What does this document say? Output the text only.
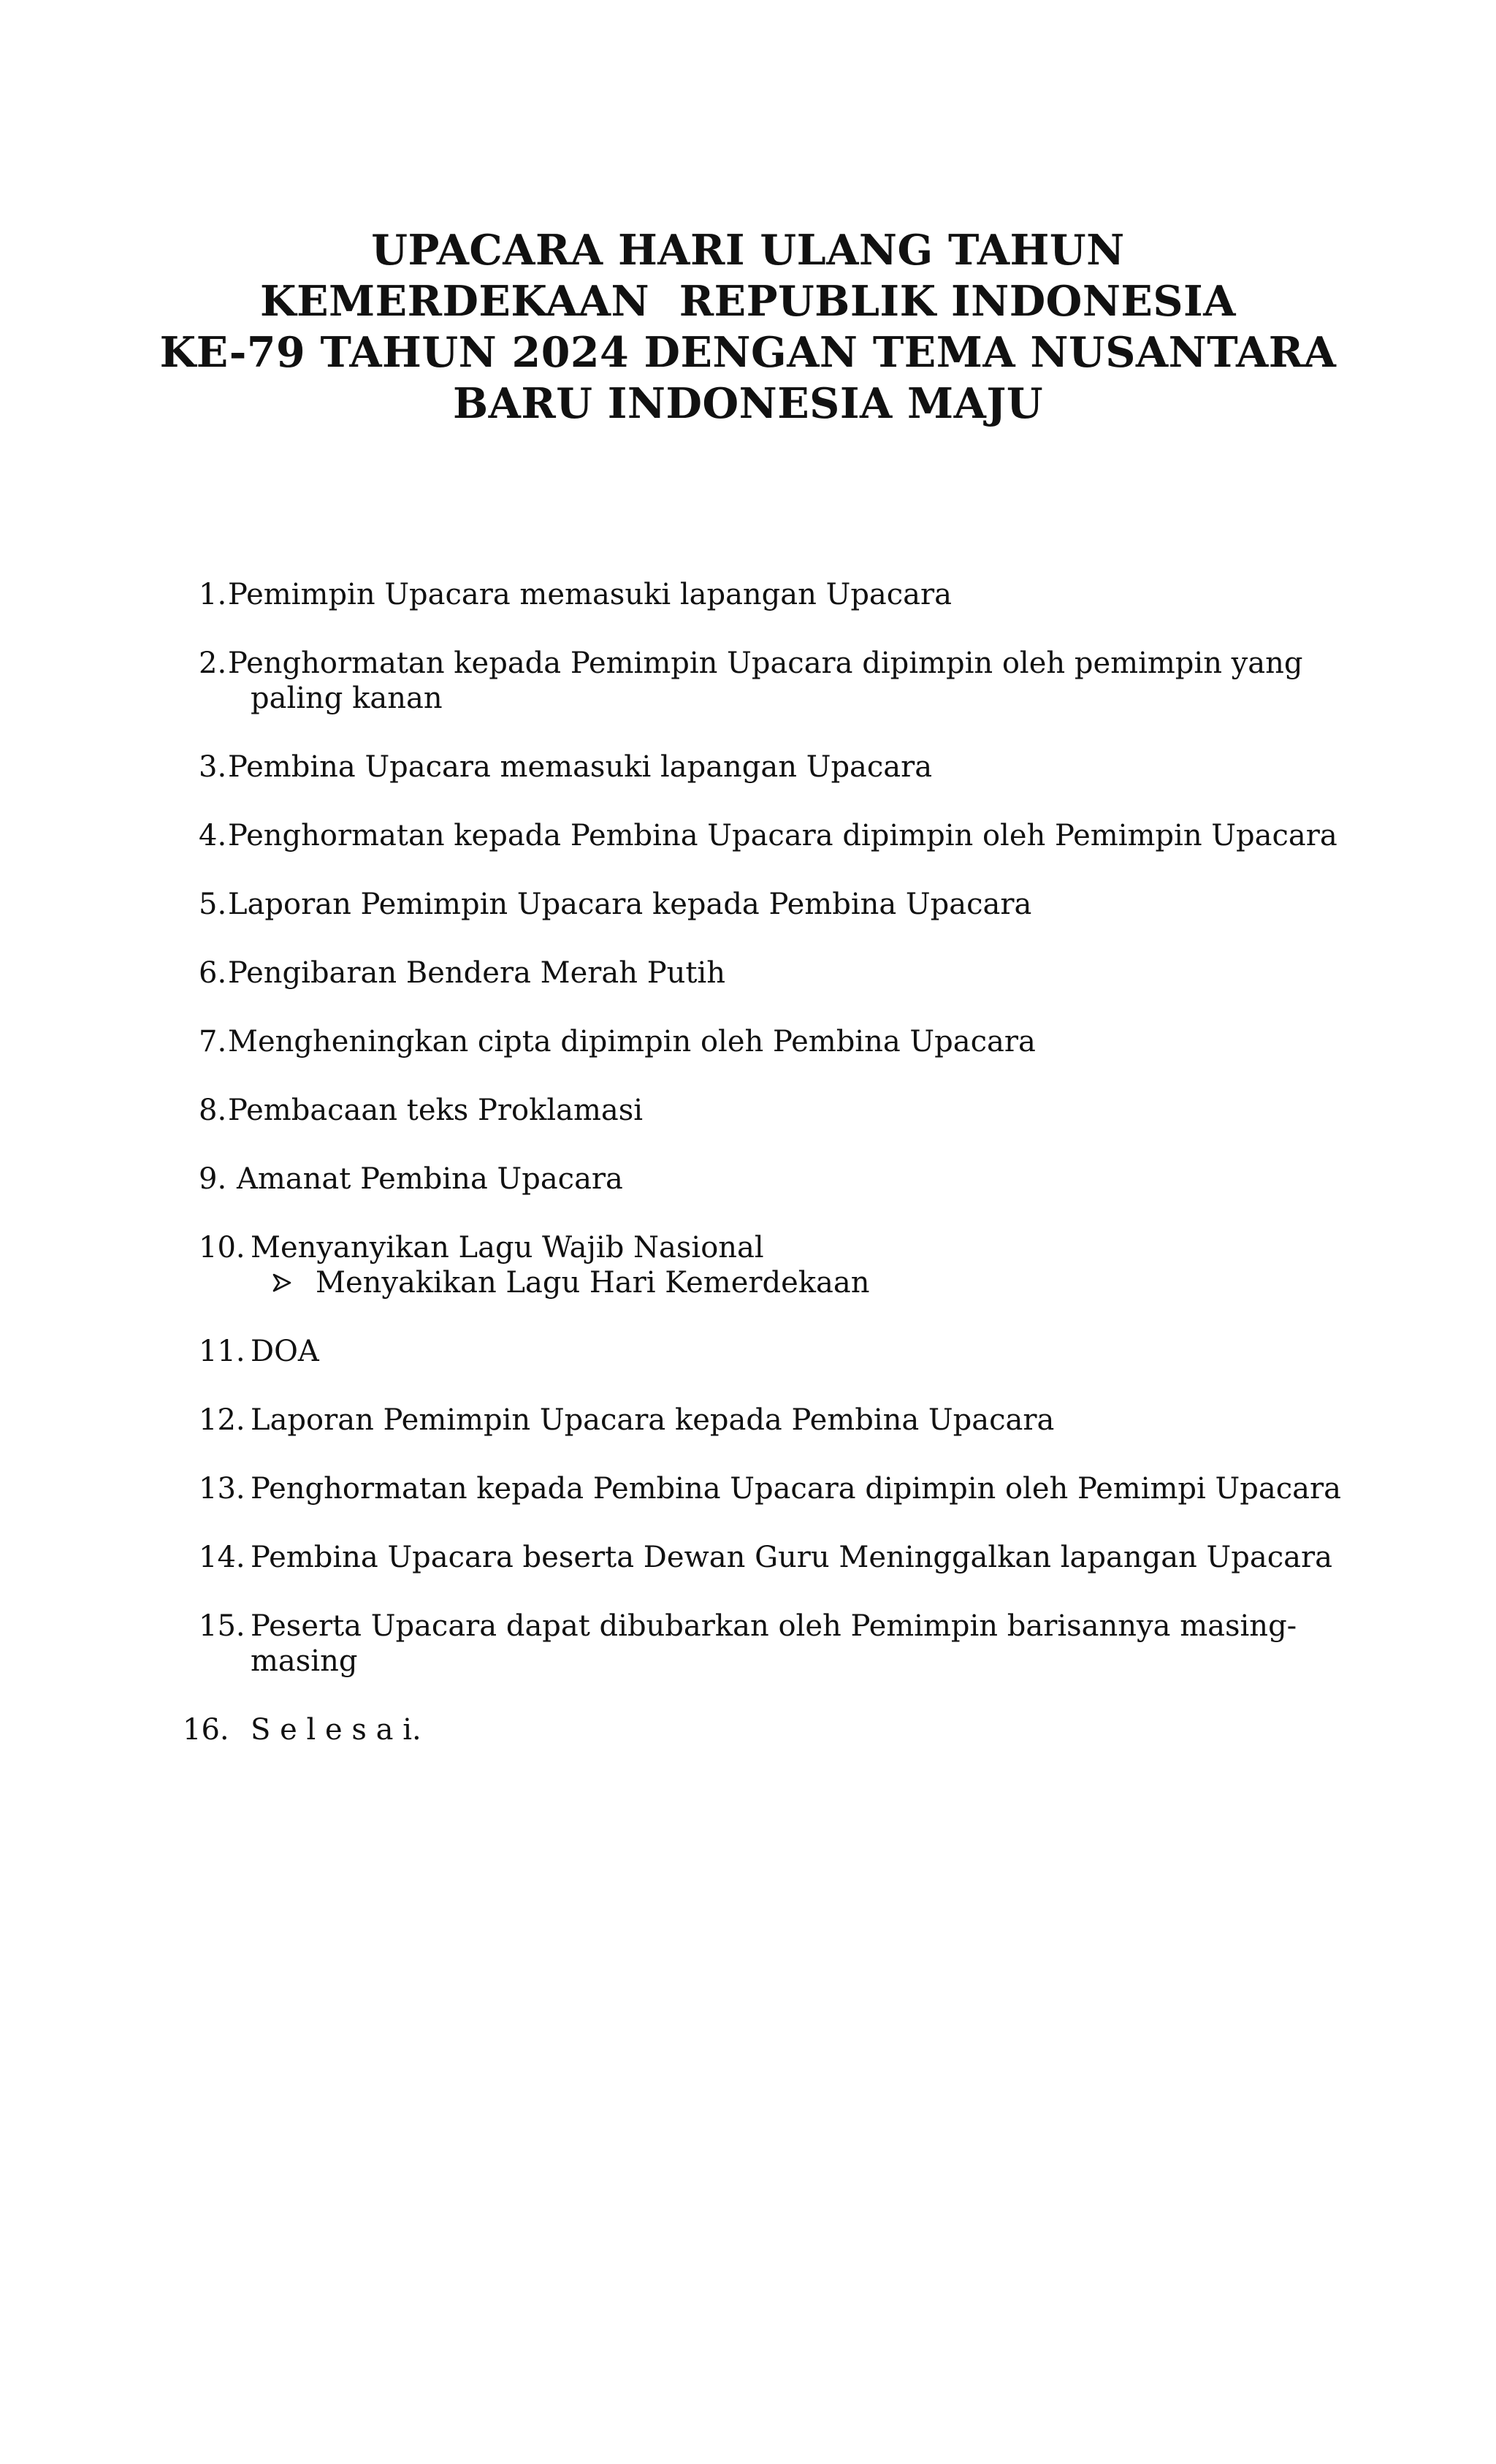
UPACARA HARI ULANG TAHUN
KEMERDEKAAN  REPUBLIK INDONESIA
KE-79 TAHUN 2024 DENGAN TEMA NUSANTARA
BARU INDONESIA MAJU
1. Pemimpin Upacara memasuki lapangan Upacara
2. Penghormatan kepada Pemimpin Upacara dipimpin oleh pemimpin yang
paling kanan
3. Pembina Upacara memasuki lapangan Upacara
4. Penghormatan kepada Pembina Upacara dipimpin oleh Pemimpin Upacara
5. Laporan Pemimpin Upacara kepada Pembina Upacara
6. Pengibaran Bendera Merah Putih
7. Mengheningkan cipta dipimpin oleh Pembina Upacara
8. Pembacaan teks Proklamasi
9. Amanat Pembina Upacara
10. Menyanyikan Lagu Wajib Nasional
Menyakikan Lagu Hari Kemerdekaan
11. DOA
12. Laporan Pemimpin Upacara kepada Pembina Upacara
13. Penghormatan kepada Pembina Upacara dipimpin oleh Pemimpi Upacara
14. Pembina Upacara beserta Dewan Guru Meninggalkan lapangan Upacara
15. Peserta Upacara dapat dibubarkan oleh Pemimpin barisannya masing-
masing
16. S e l e s a i.
